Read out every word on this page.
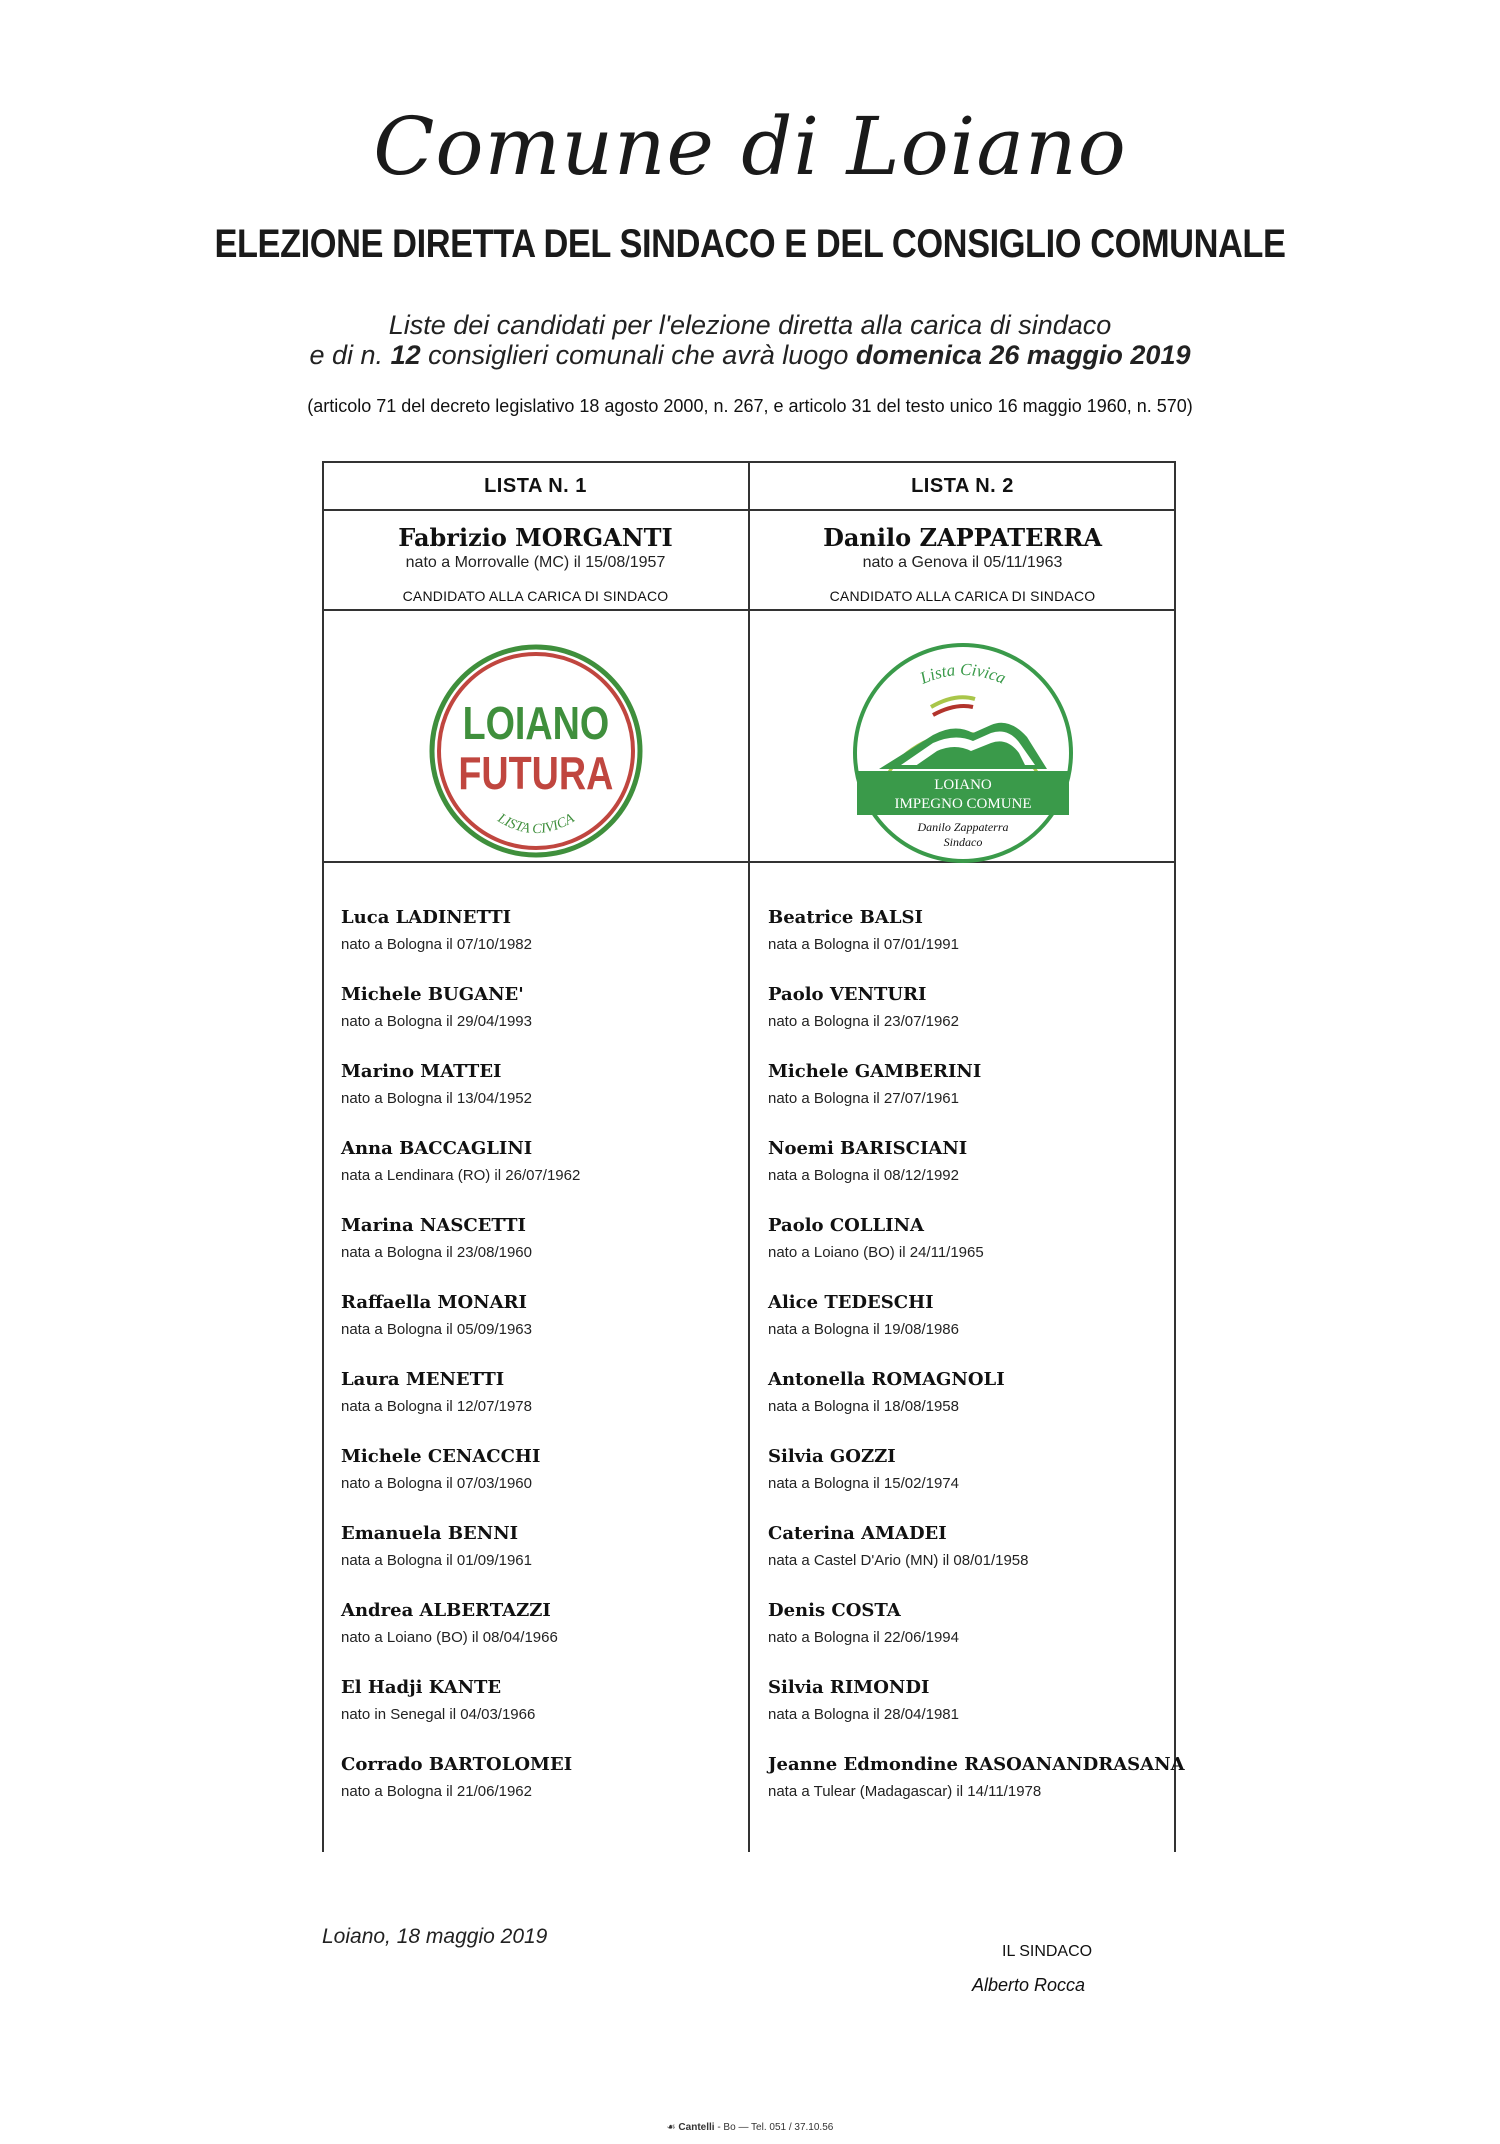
Comune di Loiano
ELEZIONE DIRETTA DEL SINDACO E DEL CONSIGLIO COMUNALE
Liste dei candidati per l'elezione diretta alla carica di sindaco
e di n. 12 consiglieri comunali che avrà luogo domenica 26 maggio 2019
(articolo 71 del decreto legislativo 18 agosto 2000, n. 267, e articolo 31 del testo unico 16 maggio 1960, n. 570)
LISTA N. 1
Fabrizio MORGANTI
nato a Morrovalle (MC) il 15/08/1957
CANDIDATO ALLA CARICA DI SINDACO
LOIANO
FUTURA
LISTA CIVICA
Luca LADINETTI
nato a Bologna il 07/10/1982
Michele BUGANE'
nato a Bologna il 29/04/1993
Marino MATTEI
nato a Bologna il 13/04/1952
Anna BACCAGLINI
nata a Lendinara (RO) il 26/07/1962
Marina NASCETTI
nata a Bologna il 23/08/1960
Raffaella MONARI
nata a Bologna il 05/09/1963
Laura MENETTI
nata a Bologna il 12/07/1978
Michele CENACCHI
nato a Bologna il 07/03/1960
Emanuela BENNI
nata a Bologna il 01/09/1961
Andrea ALBERTAZZI
nato a Loiano (BO) il 08/04/1966
El Hadji KANTE
nato in Senegal il 04/03/1966
Corrado BARTOLOMEI
nato a Bologna il 21/06/1962
LISTA N. 2
Danilo ZAPPATERRA
nato a Genova il 05/11/1963
CANDIDATO ALLA CARICA DI SINDACO
Lista Civica
LOIANO
IMPEGNO COMUNE
Danilo Zappaterra
Sindaco
Beatrice BALSI
nata a Bologna il 07/01/1991
Paolo VENTURI
nato a Bologna il 23/07/1962
Michele GAMBERINI
nato a Bologna il 27/07/1961
Noemi BARISCIANI
nata a Bologna il 08/12/1992
Paolo COLLINA
nato a Loiano (BO) il 24/11/1965
Alice TEDESCHI
nata a Bologna il 19/08/1986
Antonella ROMAGNOLI
nata a Bologna il 18/08/1958
Silvia GOZZI
nata a Bologna il 15/02/1974
Caterina AMADEI
nata a Castel D'Ario (MN) il 08/01/1958
Denis COSTA
nato a Bologna il 22/06/1994
Silvia RIMONDI
nata a Bologna il 28/04/1981
Jeanne Edmondine RASOANANDRASANA
nata a Tulear (Madagascar) il 14/11/1978
Loiano, 18 maggio 2019
IL SINDACO
Alberto Rocca
☙ Cantelli - Bo — Tel. 051 / 37.10.56
